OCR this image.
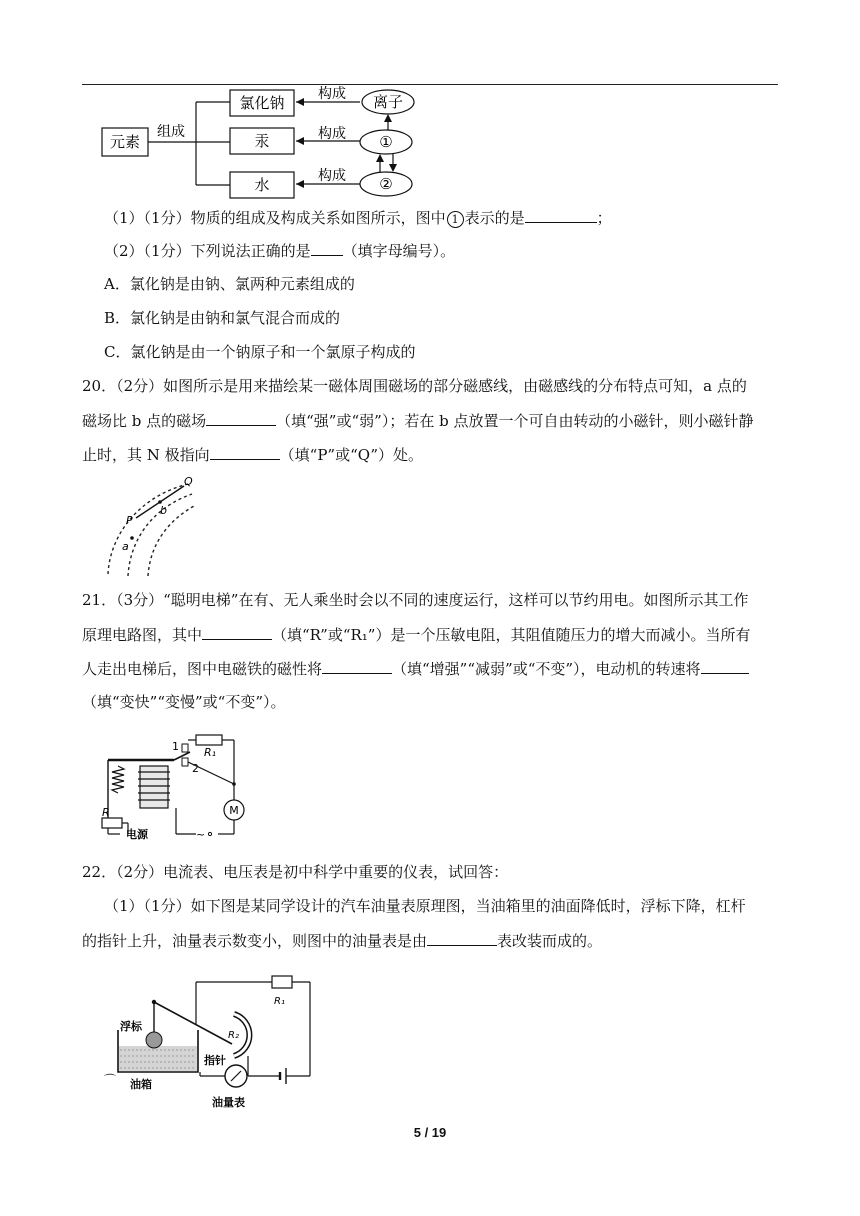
元素
组成
氯化钠
汞
水
构成
构成
构成
离子
①
②
（1）（1分）物质的组成及构成关系如图所示，图中 1 表示的是	；
（2）（1分）下列说法正确的是 （填字母编号）。
A．氯化钠是由钠、氯两种元素组成的
B．氯化钠是由钠和氯气混合而成的
C．氯化钠是由一个钠原子和一个氯原子构成的
20．（2分）如图所示是用来描绘某一磁体周围磁场的部分磁感线，由磁感线的分布特点可知，a 点的
磁场比 b 点的磁场	（填“强”或“弱”）；若在 b 点放置一个可自由转动的小磁针，则小磁针静
止时，其 N 极指向	（填“P”或“Q”）处。
Q
P
b
a
21．（3分）“聪明电梯”在有、无人乘坐时会以不同的速度运行，这样可以节约用电。如图所示其工作
原理电路图，其中	（填“R”或“R₁”）是一个压敏电阻，其阻值随压力的增大而减小。当所有
人走出电梯后，图中电磁铁的磁性将	（填“增强”“减弱”或“不变”），电动机的转速将
（填“变快”“变慢”或“不变”）。
1
2
R₁
M
R
电源	~
22．（2分）电流表、电压表是初中科学中重要的仪表，试回答：
（1）（1分）如下图是某同学设计的汽车油量表原理图，当油箱里的油面降低时，浮标下降，杠杆
的指针上升，油量表示数变小，则图中的油量表是由	表改装而成的。
浮标
油箱
⌒
R₂
指针
R₁
油量表
5 / 19
